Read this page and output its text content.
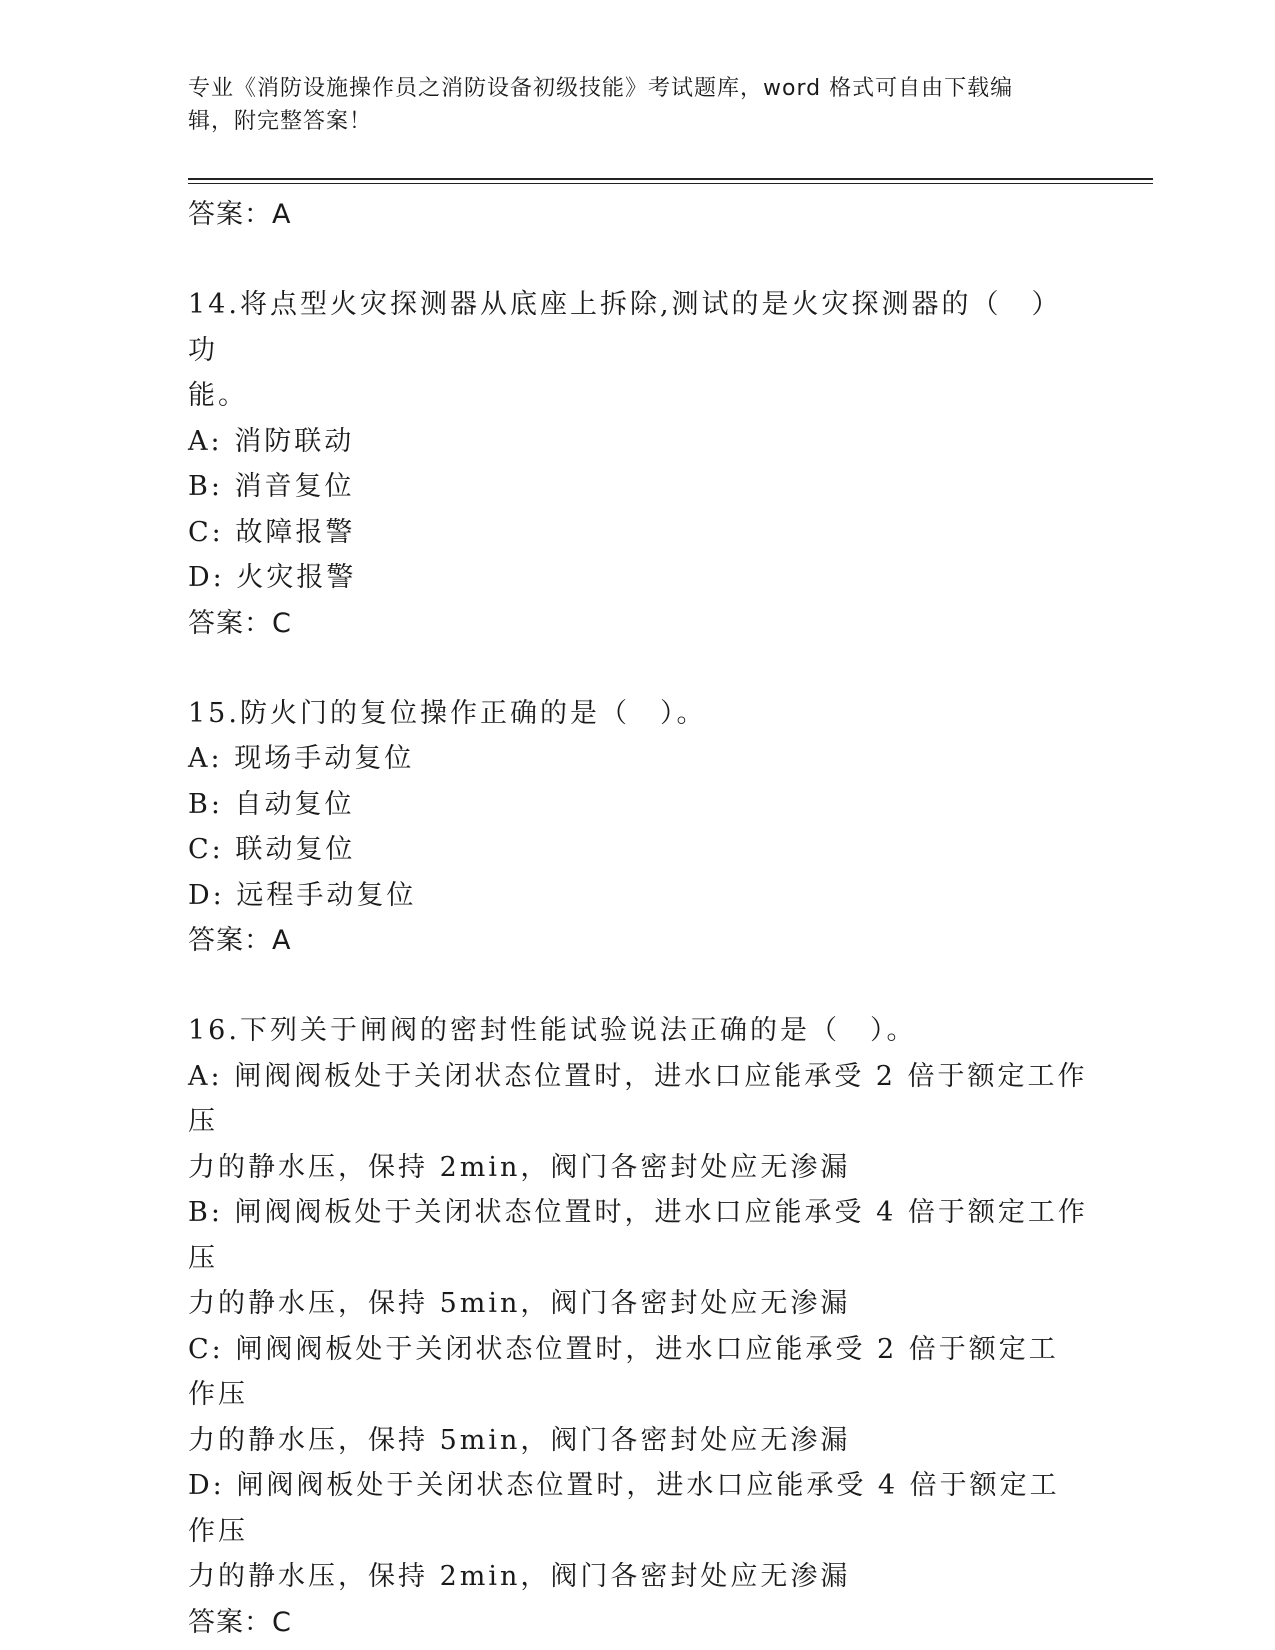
专业《消防设施操作员之消防设备初级技能》考试题库，word 格式可自由下载编
辑，附完整答案！
答案：A
14.将点型火灾探测器从底座上拆除,测试的是火灾探测器的（　）功
能。
A: 消防联动
B: 消音复位
C: 故障报警
D: 火灾报警
答案：C
15.防火门的复位操作正确的是（　）。
A: 现场手动复位
B: 自动复位
C: 联动复位
D: 远程手动复位
答案：A
16.下列关于闸阀的密封性能试验说法正确的是（　）。
A: 闸阀阀板处于关闭状态位置时，进水口应能承受 2 倍于额定工作压
力的静水压，保持 2min，阀门各密封处应无渗漏
B: 闸阀阀板处于关闭状态位置时，进水口应能承受 4 倍于额定工作压
力的静水压，保持 5min，阀门各密封处应无渗漏
C: 闸阀阀板处于关闭状态位置时，进水口应能承受 2 倍于额定工作压
力的静水压，保持 5min，阀门各密封处应无渗漏
D: 闸阀阀板处于关闭状态位置时，进水口应能承受 4 倍于额定工作压
力的静水压，保持 2min，阀门各密封处应无渗漏
答案：C
